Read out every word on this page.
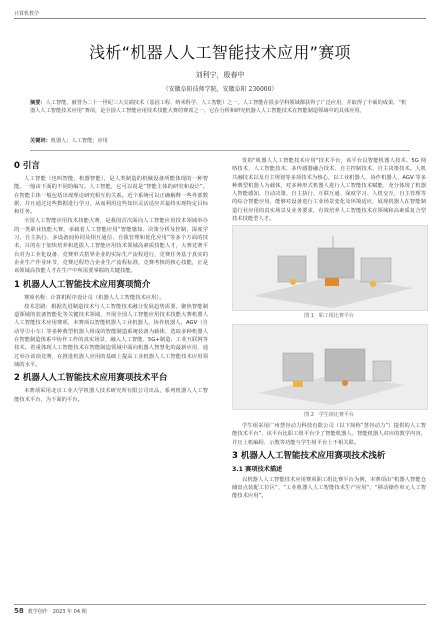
计算机教学
浅析“机器人人工智能技术应用”赛项
刘利宁，殷春中
（安徽阜阳技师学院，安徽阜阳 236000）
摘要：人工智能，被誉为二十一世纪三大尖端技术（基因工程、纳米科学、人工智能）之一。人工智能在很多学科领域都获得了广泛应用，并取得了丰硕的成果。“机器人人工智能技术应用”赛项，是全国人工智能应用技术技能大赛的赛项之一。它在分析和研究机器人人工智能技术在智能制造领域中的具体应用。
关键词：机器人；人工智能；应用
0 引言

人工智能（也叫智能、机器智能），是人类制造的机械设备所能体现的一种智能。一般由下面的不同的编写。人工智能，它可以说是“智能主体的研究和设计”。在智能主体一般包括出现理论研究相互的关系。近个系统可以正确解释一些外部数据，并且通过这些数据进行学习，从而利用这些知识灵活适应并最终实现特定目标和任务。

全国人工智能应用技术技能大赛，是我国首次面向人工智能应用技术领域举办的一类职业技能大赛，承载着人工智能应用“智能感知、决策分析及控制、深度学习、自主执行、多设备间协同及相互通信、自我管理和优化应用”等多个方面的技术，目的在于加快培养和选拔人工智能应用技术领域高素质技能人才，大赛竞赛平台对为工业化设备、竞赛形式搭界企业的实际生产流程进行，竞赛任务基于真实的企业生产作业环节，竞赛过程符合企业生产流程标准，竞赛考核的核心技能，正是该领域高技能人才在生产中所需要掌握的关键技能。

1 机器人人工智能技术应用赛项简介

赛项名称：计算机程序设计员（机器人人工智能技术应用）。

技术思路：根据先进制造技术与人工智能技术融合发展趋势需要，聚焦智能制造领域的装备智能化等关键技术领域，开展全国人工智能应用技术技能大赛机器人人工智能技术应用赛项，本赛项以智能机器人工业机器人、协作机器人、AGV（自动导引小车）等多种典型机器人组成的智能制造系统装备为载体，选取多种机器人在智能制造体系中协作工作的真实场景，融入人工智能、5G+制造、工业互联网等技术。着重体现人工智能技术在智能制造领域中面向机器人智慧化的最新应用，通过举办该项竞赛，在推进机器人应用的基础上提高工业机器人人工智能技术应用领域的水平。

2 机器人人工智能技术应用赛项技术平台

本赛项采用北京工业大学机器人技术研究所有限公司出品，系列机器人人工智能技术平台，为下面的平台。

发的“机器人人工智能技术应用”技术平台，该平台以智能机器人技术、5G 网络技术、人工智能技术、多传感器融合技术、自主控制技术、自主决策技术。人机共融技术以及自主规划等多项技术为核心，以工业机器人、协作机器人、AGV 等多种典型机器人为载体，对多种形式机器人进行人工智能技术赋能，充分体现了机器人智能感知、自动决策、自主执行、互联互通、深度学习、人机交互、自主管理等的综合智能应用，能够对设备进行工业场景变化及环境适应，展现机器人在智能制造行业应用的真实场景及业务要求，有效培养人工智能技术在领域和高素质复合型技术技能型人才。

图 1　职工组比赛平台
图 2　学生组比赛平台

学生组采用广州慧谷动力科技有限公司（以下简称“慧谷动力”）提供的人工智能技术平台”，该平台比职工组平台少了智能机器人、智能机器人对应的教学内容，并且上机编程、示教等功能与学生组平台上不相关联。

3 机器人人工智能技术应用赛项技术浅析
3.1 赛项技术描述

以机器人人工智能技术应用赛项职工组比赛平台为例，本赛项由“机器人智能仓储盘点装配工位区”、“工业机器人人工智能技术生产应用”、“移动操作单元人工智能技术应用”。

58 教学创作　2023 年 04 期
